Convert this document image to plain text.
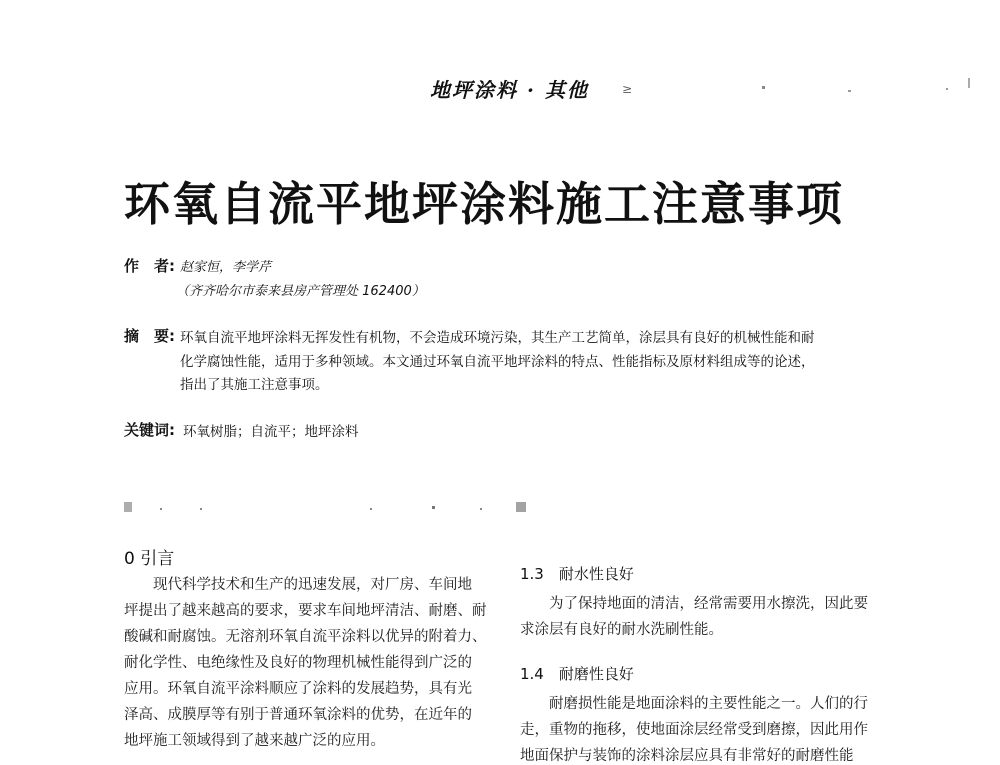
地坪涂料 · 其他	≥
环氧自流平地坪涂料施工注意事项
作　者: 赵家恒，李学芹
（齐齐哈尔市泰来县房产管理处 162400）
摘　要: 环氧自流平地坪涂料无挥发性有机物，不会造成环境污染，其生产工艺简单，涂层具有良好的机械性能和耐
化学腐蚀性能，适用于多种领域。本文通过环氧自流平地坪涂料的特点、性能指标及原材料组成等的论述，
指出了其施工注意事项。
关键词: 环氧树脂；自流平；地坪涂料
0 引言
　　现代科学技术和生产的迅速发展，对厂房、车间地
坪提出了越来越高的要求，要求车间地坪清洁、耐磨、耐
酸碱和耐腐蚀。无溶剂环氧自流平涂料以优异的附着力、
耐化学性、电绝缘性及良好的物理机械性能得到广泛的
应用。环氧自流平涂料顺应了涂料的发展趋势，具有光
泽高、成膜厚等有别于普通环氧涂料的优势，在近年的
地坪施工领域得到了越来越广泛的应用。
1.3　耐水性良好
　　为了保持地面的清洁，经常需要用水擦洗，因此要
求涂层有良好的耐水洗刷性能。
1.4　耐磨性良好
　　耐磨损性能是地面涂料的主要性能之一。人们的行
走，重物的拖移，使地面涂层经常受到磨擦，因此用作
地面保护与装饰的涂料涂层应具有非常好的耐磨性能
